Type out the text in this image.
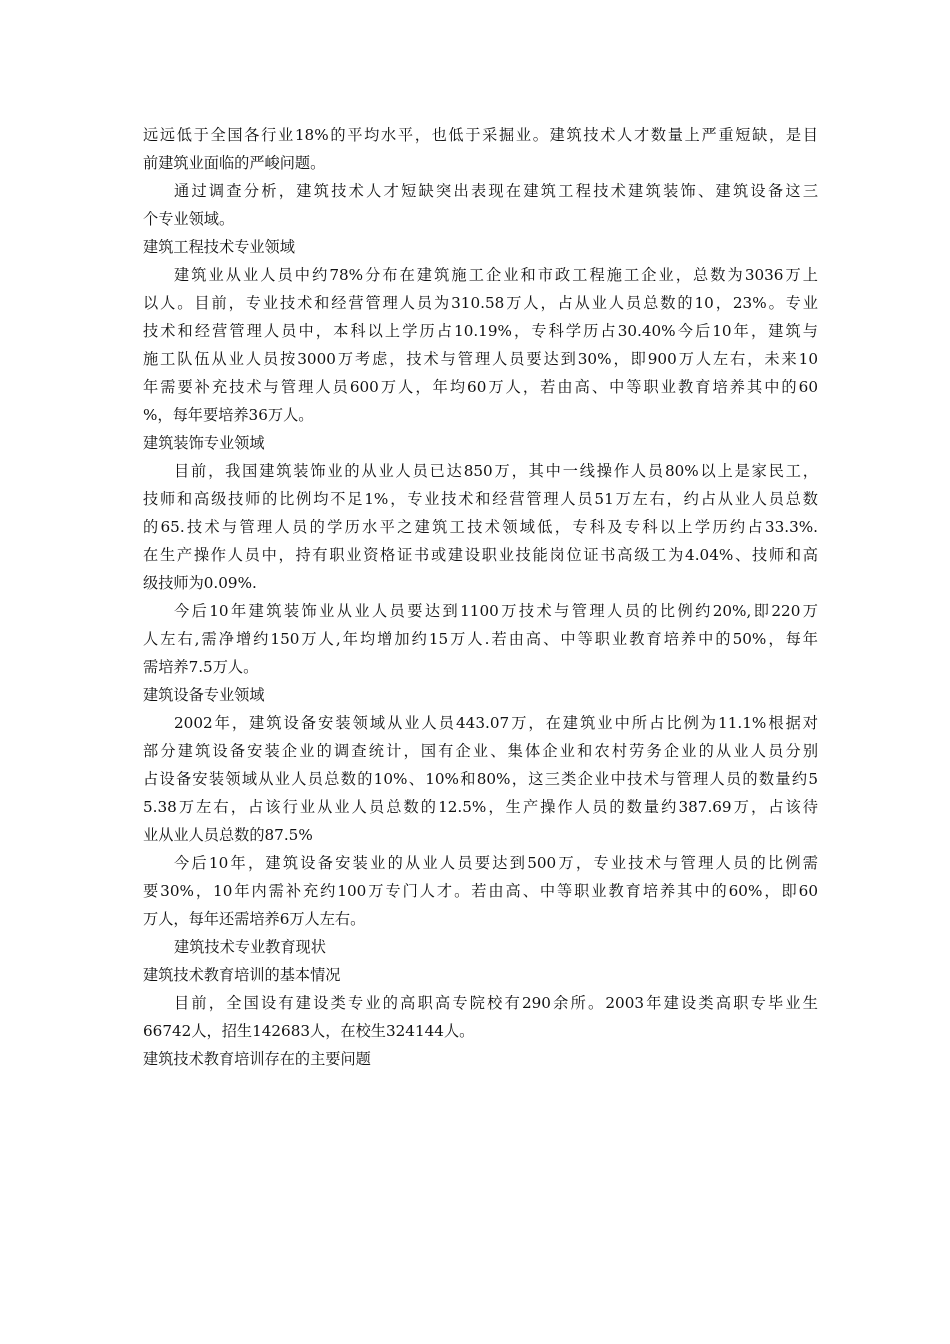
远远低于全国各行业18%的平均水平，也低于采掘业。建筑技术人才数量上严重短缺，是目
前建筑业面临的严峻问题。
通过调查分析，建筑技术人才短缺突出表现在建筑工程技术建筑装饰、建筑设备这三
个专业领域。
建筑工程技术专业领域
建筑业从业人员中约78%分布在建筑施工企业和市政工程施工企业，总数为3036万上
以人。目前，专业技术和经营管理人员为310.58万人，占从业人员总数的10，23%。专业
技术和经营管理人员中，本科以上学历占10.19%，专科学历占30.40%今后10年，建筑与
施工队伍从业人员按3000万考虑，技术与管理人员要达到30%，即900万人左右，未来10
年需要补充技术与管理人员600万人，年均60万人，若由高、中等职业教育培养其中的60
%，每年要培养36万人。
建筑装饰专业领域
目前，我国建筑装饰业的从业人员已达850万，其中一线操作人员80%以上是家民工，
技师和高级技师的比例均不足1%，专业技术和经营管理人员51万左右，约占从业人员总数
的65.技术与管理人员的学历水平之建筑工技术领域低，专科及专科以上学历约占33.3%.
在生产操作人员中，持有职业资格证书或建设职业技能岗位证书高级工为4.04%、技师和高
级技师为0.09%.
今后10年建筑装饰业从业人员要达到1100万技术与管理人员的比例约20%,即220万
人左右,需净增约150万人,年均增加约15万人.若由高、中等职业教育培养中的50%，每年
需培养7.5万人。
建筑设备专业领域
2002年，建筑设备安装领域从业人员443.07万，在建筑业中所占比例为11.1%根据对
部分建筑设备安装企业的调查统计，国有企业、集体企业和农村劳务企业的从业人员分别
占设备安装领域从业人员总数的10%、10%和80%，这三类企业中技术与管理人员的数量约5
5.38万左右，占该行业从业人员总数的12.5%，生产操作人员的数量约387.69万，占该待
业从业人员总数的87.5%
今后10年，建筑设备安装业的从业人员要达到500万，专业技术与管理人员的比例需
要30%，10年内需补充约100万专门人才。若由高、中等职业教育培养其中的60%，即60
万人，每年还需培养6万人左右。
建筑技术专业教育现状
建筑技术教育培训的基本情况
目前，全国设有建设类专业的高职高专院校有290余所。2003年建设类高职专毕业生
66742人，招生142683人，在校生324144人。
建筑技术教育培训存在的主要问题
